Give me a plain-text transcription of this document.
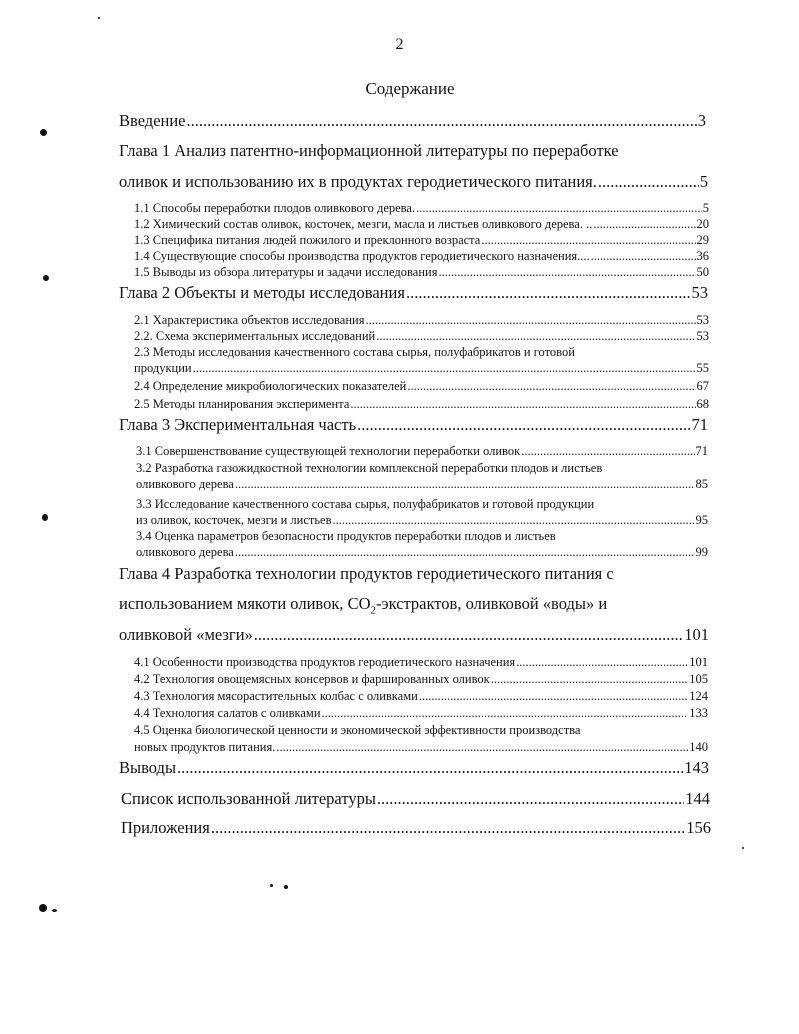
2
Содержание
Введение .....	3
Глава 1 Анализ патентно-информационной литературы по переработке
оливок и использованию их в продуктах геродиетического питания. .....	5
1.1 Способы переработки плодов оливкового дерева. .....	5
1.2 Химический состав оливок, косточек, мезги, масла и листьев оливкового дерева. .. .....	20
1.3 Специфика питания людей пожилого и преклонного возраста .....	29
1.4 Существующие способы производства продуктов геродиетического назначения.... .....	36
1.5 Выводы из обзора литературы и задачи исследования .....	50
Глава 2 Объекты и методы исследования .....	53
2.1 Характеристика объектов исследования .....	53
2.2. Схема экспериментальных исследований .....	53
2.3 Методы исследования качественного состава сырья, полуфабрикатов и готовой
продукции .....	55
2.4 Определение микробиологических показателей .....	67
2.5 Методы планирования эксперимента .....	68
Глава 3 Экспериментальная часть .....	71
3.1 Совершенствование существующей технологии переработки оливок .....	71
3.2 Разработка газожидкостной технологии комплексной переработки плодов и листьев
оливкового дерева .....	85
3.3 Исследование качественного состава сырья, полуфабрикатов и готовой продукции
из оливок, косточек, мезги и листьев .....	95
3.4 Оценка параметров безопасности продуктов переработки плодов и листьев
оливкового дерева .....	99
Глава 4 Разработка технологии продуктов геродиетического питания с
использованием мякоти оливок, $CO_2$-экстрактов, оливковой «воды» и
оливковой «мезги» .....	101
4.1 Особенности производства продуктов геродиетического назначения .....	101
4.2 Технология овощемясных консервов и фаршированных оливок .....	105
4.3 Технология мясорастительных колбас с оливками .....	124
4.4 Технология салатов с оливками .....	133
4.5 Оценка биологической ценности и экономической эффективности производства
новых продуктов питания. .....	140
Выводы .....	143
Список использованной литературы .....	144
Приложения .....	156
